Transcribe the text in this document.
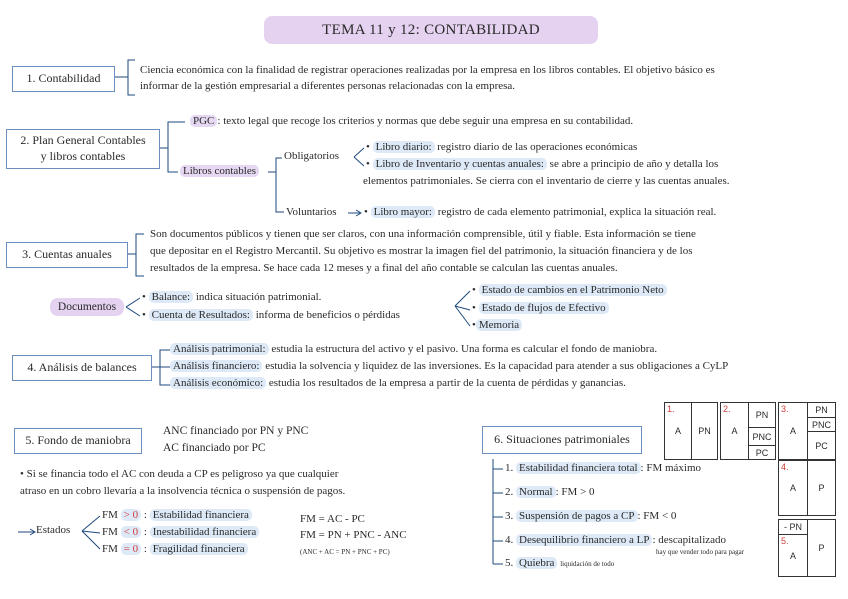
TEMA 11 y 12: CONTABILIDAD
1. Contabilidad
Ciencia económica con la finalidad de registrar operaciones realizadas por la empresa en los libros contables. El objetivo básico es
informar de la gestión empresarial a diferentes personas relacionadas con la empresa.
2. Plan General Contables
y libros contables
PGC : texto legal que recoge los criterios y normas que debe seguir una empresa en su contabilidad.
Libros contables
Obligatorios
• Libro diario: registro diario de las operaciones económicas
• Libro de Inventario y cuentas anuales: se abre a principio de año y detalla los
elementos patrimoniales. Se cierra con el inventario de cierre y las cuentas anuales.
Voluntarios • Libro mayor: registro de cada elemento patrimonial, explica la situación real.
3. Cuentas anuales
Son documentos públicos y tienen que ser claros, con una información comprensible, útil y fiable. Esta información se tiene
que depositar en el Registro Mercantil. Su objetivo es mostrar la imagen fiel del patrimonio, la situación financiera y de los
resultados de la empresa. Se hace cada 12 meses y a final del año contable se calculan las cuentas anuales.
Documentos
• Balance: indica situación patrimonial.
• Cuenta de Resultados: informa de beneficios o pérdidas
• Estado de cambios en el Patrimonio Neto
• Estado de flujos de Efectivo
• Memoria
4. Análisis de balances
Análisis patrimonial: estudia la estructura del activo y el pasivo. Una forma es calcular el fondo de maniobra.
Análisis financiero: estudia la solvencia y liquidez de las inversiones. Es la capacidad para atender a sus obligaciones a CyLP
Análisis económico: estudia los resultados de la empresa a partir de la cuenta de pérdidas y ganancias.
5. Fondo de maniobra
ANC financiado por PN y PNC
AC financiado por PC
• Si se financia todo el AC con deuda a CP es peligroso ya que cualquier
atraso en un cobro llevaría a la insolvencia técnica o suspensión de pagos.
Estados
FM > 0 : Estabilidad financiera
FM < 0 : Inestabilidad financiera
FM = 0 : Fragilidad financiera
FM = AC - PC
FM = PN + PNC - ANC
(ANC + AC = PN + PNC + PC)
6. Situaciones patrimoniales
1. Estabilidad financiera total : FM máximo
2. Normal : FM > 0
3. Suspensión de pagos a CP : FM < 0
4. Desequilibrio financiero a LP : descapitalizado
hay que vender todo para pagar
5. Quiebra liquidación de todo
1.
A	PN
2.
A
PN
PNC
PC
3.
A
PN
PNC
PC
4.
A	P
- PN
5.
A
P
